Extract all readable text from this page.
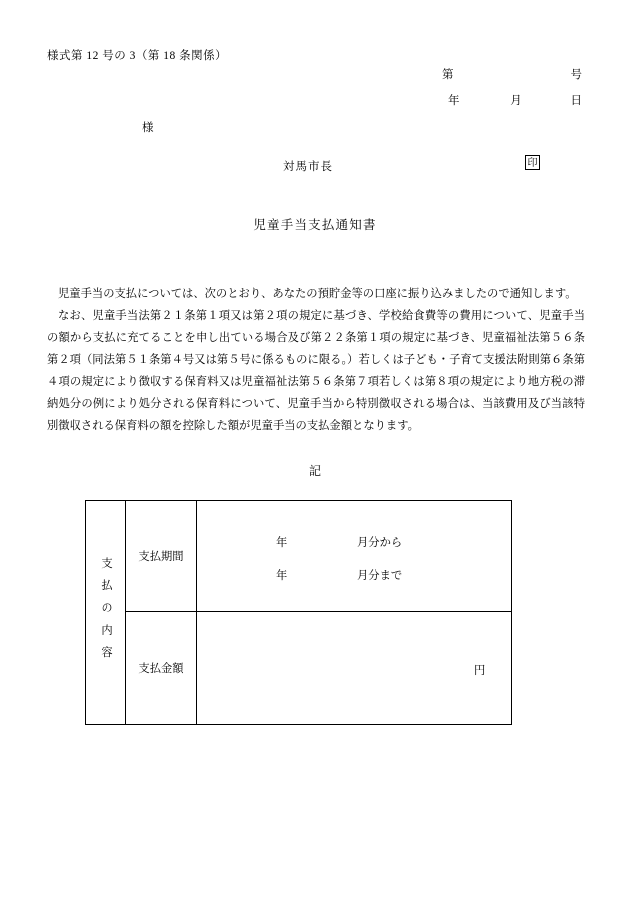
様式第 12 号の 3（第 18 条関係）
第	号
年	月	日
様
対馬市長	印
児童手当支払通知書

児童手当の支払については、次のとおり、あなたの預貯金等の口座に振り込みましたので通知します。

なお、児童手当法第２１条第１項又は第２項の規定に基づき、学校給食費等の費用について、児童手当の額から支払に充てることを申し出ている場合及び第２２条第１項の規定に基づき、児童福祉法第５６条第２項（同法第５１条第４号又は第５号に係るものに限る。）若しくは子ども・子育て支援法附則第６条第４項の規定により徴収する保育料又は児童福祉法第５６条第７項若しくは第８項の規定により地方税の滞納処分の例により処分される保育料について、児童手当から特別徴収される場合は、当該費用及び当該特別徴収される保育料の額を控除した額が児童手当の支払金額となります。

記
支払の内容	支払期間	年 月分から
年 月分まで

	支払金額	円
